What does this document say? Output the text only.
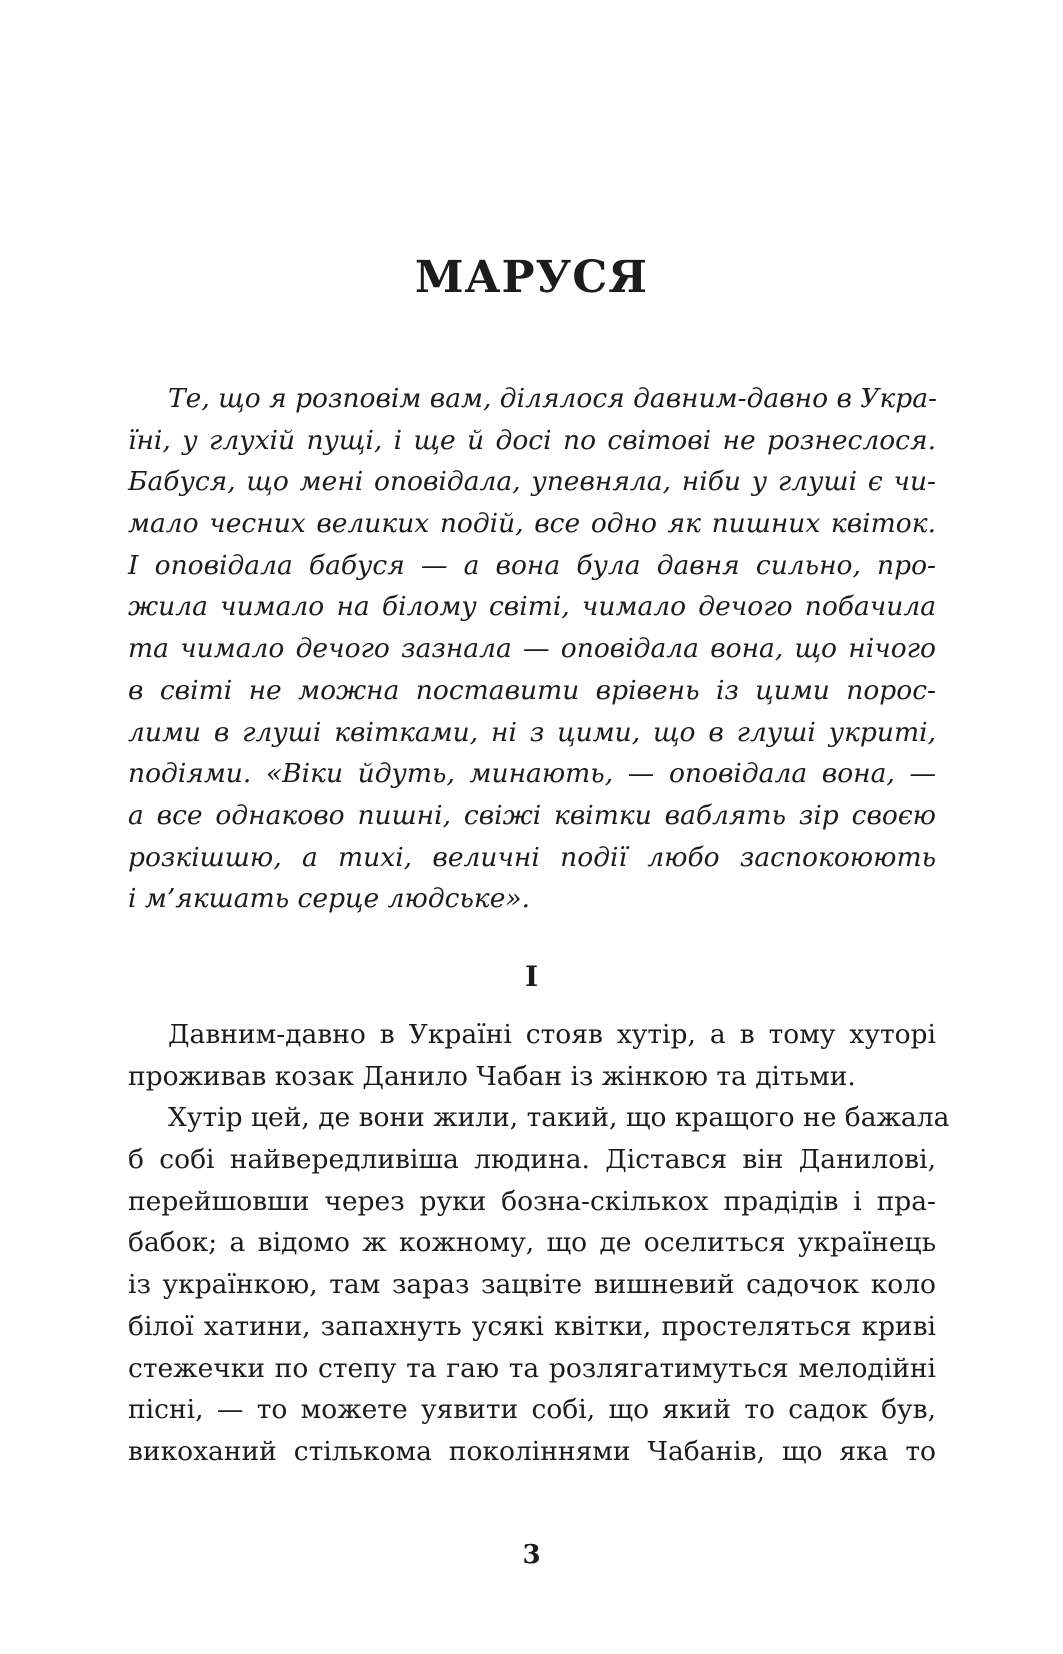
МАРУСЯ
Те, що я розповім вам, ділялося давним-давно в Укра-
їні, у глухій пущі, і ще й досі по світові не рознеслося.
Бабуся, що мені оповідала, упевняла, ніби у глуші є чи-
мало чесних великих подій, все одно як пишних квіток.
І оповідала бабуся — а вона була давня сильно, про-
жила чимало на білому світі, чимало дечого побачила
та чимало дечого зазнала — оповідала вона, що нічого
в світі не можна поставити врівень із цими порос-
лими в глуші квітками, ні з цими, що в глуші укриті,
подіями. «Віки йдуть, минають, — оповідала вона, —
а все однаково пишні, свіжі квітки ваблять зір своєю
розкішшю, а тихі, величні події любо заспокоюють
і м’якшать серце людське».
I
Давним-давно в Україні стояв хутір, а в тому хуторі
проживав козак Данило Чабан із жінкою та дітьми.
Хутір цей, де вони жили, такий, що кращого не бажала
б собі найвередливіша людина. Дістався він Данилові,
перейшовши через руки бозна-скількох прадідів і пра-
бабок; а відомо ж кожному, що де оселиться українець
із українкою, там зараз зацвіте вишневий садочок коло
білої хатини, запахнуть усякі квітки, простеляться криві
стежечки по степу та гаю та розлягатимуться мелодійні
пісні, — то можете уявити собі, що який то садок був,
викоханий стількома поколіннями Чабанів, що яка то
3
